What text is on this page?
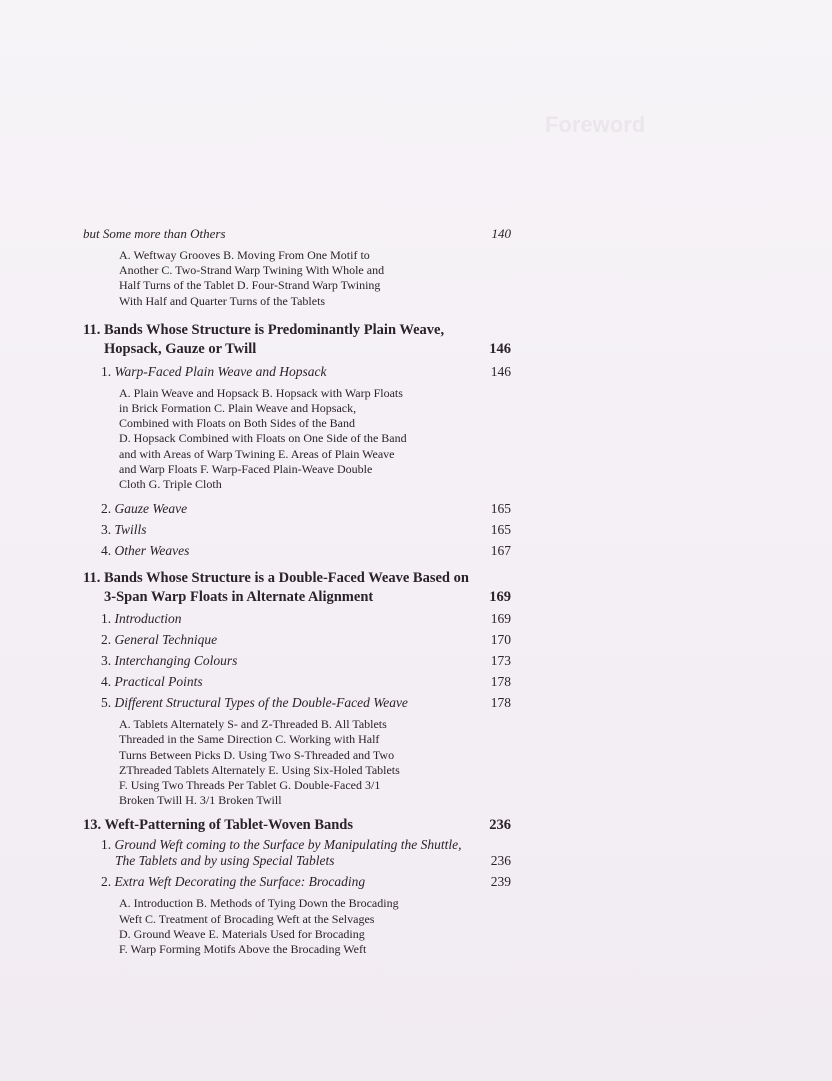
Foreword
but Some more than Others	140
A. Weftway Grooves B. Moving From One Motif to
Another C. Two-Strand Warp Twining With Whole and
Half Turns of the Tablet D. Four-Strand Warp Twining
With Half and Quarter Turns of the Tablets
11. Bands Whose Structure is Predominantly Plain Weave,
Hopsack, Gauze or Twill	146
1. Warp-Faced Plain Weave and Hopsack	146
A. Plain Weave and Hopsack B. Hopsack with Warp Floats
in Brick Formation C. Plain Weave and Hopsack,
Combined with Floats on Both Sides of the Band
D. Hopsack Combined with Floats on One Side of the Band
and with Areas of Warp Twining E. Areas of Plain Weave
and Warp Floats F. Warp-Faced Plain-Weave Double
Cloth G. Triple Cloth
2. Gauze Weave	165
3. Twills	165
4. Other Weaves	167
11. Bands Whose Structure is a Double-Faced Weave Based on
3-Span Warp Floats in Alternate Alignment	169
1. Introduction	169
2. General Technique	170
3. Interchanging Colours	173
4. Practical Points	178
5. Different Structural Types of the Double-Faced Weave	178
A. Tablets Alternately S- and Z-Threaded B. All Tablets
Threaded in the Same Direction C. Working with Half
Turns Between Picks D. Using Two S-Threaded and Two
ZThreaded Tablets Alternately E. Using Six-Holed Tablets
F. Using Two Threads Per Tablet G. Double-Faced 3/1
Broken Twill H. 3/1 Broken Twill
13. Weft-Patterning of Tablet-Woven Bands	236
1. Ground Weft coming to the Surface by Manipulating the Shuttle,
The Tablets and by using Special Tablets	236
2. Extra Weft Decorating the Surface: Brocading	239
A. Introduction B. Methods of Tying Down the Brocading
Weft C. Treatment of Brocading Weft at the Selvages
D. Ground Weave E. Materials Used for Brocading
F. Warp Forming Motifs Above the Brocading Weft
